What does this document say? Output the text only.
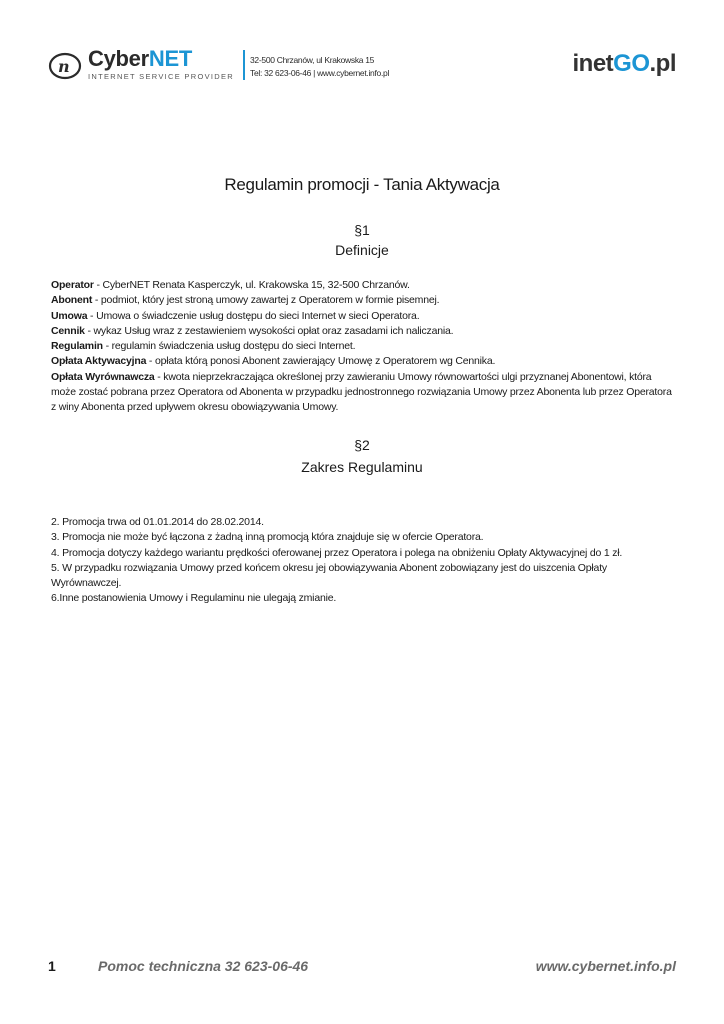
n CyberNET
INTERNET SERVICE PROVIDER
32-500 Chrzanów, ul Krakowska 15
Tel: 32 623-06-46 | www.cybernet.info.pl	inetGO.pl
Regulamin promocji - Tania Aktywacja
§1
Definicje

Operator - CyberNET Renata Kasperczyk, ul. Krakowska 15, 32-500 Chrzanów.

Abonent - podmiot, który jest stroną umowy zawartej z Operatorem w formie pisemnej.

Umowa - Umowa o świadczenie usług dostępu do sieci Internet w sieci Operatora.

Cennik - wykaz Usług wraz z zestawieniem wysokości opłat oraz zasadami ich naliczania.

Regulamin - regulamin świadczenia usług dostępu do sieci Internet.

Opłata Aktywacyjna - opłata którą ponosi Abonent zawierający Umowę z Operatorem wg Cennika.

Opłata Wyrównawcza - kwota nieprzekraczająca określonej przy zawieraniu Umowy równowartości ulgi przyznanej Abonentowi, która może zostać pobrana przez Operatora od Abonenta w przypadku jednostronnego rozwiązania Umowy przez Abonenta lub przez Operatora z winy Abonenta przed upływem okresu obowiązywania Umowy.

§2
Zakres Regulaminu

2. Promocja trwa od 01.01.2014 do 28.02.2014.

3. Promocja nie może być łączona z żadną inną promocją która znajduje się w ofercie Operatora.

4. Promocja dotyczy każdego wariantu prędkości oferowanej przez Operatora i polega na obniżeniu Opłaty Aktywacyjnej do 1 zł.

5. W przypadku rozwiązania Umowy przed końcem okresu jej obowiązywania Abonent zobowiązany jest do uiszcenia Opłaty Wyrównawczej.

6.Inne postanowienia Umowy i Regulaminu nie ulegają zmianie.

1	Pomoc techniczna 32 623-06-46	www.cybernet.info.pl
